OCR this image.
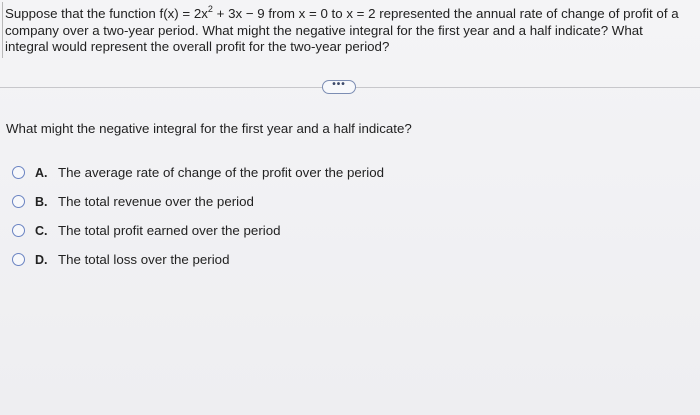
Suppose that the function $f(x) = 2x^2 + 3x - 9$ from x = 0 to x = 2 represented the annual rate of change of profit of a
company over a two-year period. What might the negative integral for the first year and a half indicate? What
integral would represent the overall profit for the two-year period?
•••
What might the negative integral for the first year and a half indicate?
A. The average rate of change of the profit over the period
B. The total revenue over the period
C. The total profit earned over the period
D. The total loss over the period
